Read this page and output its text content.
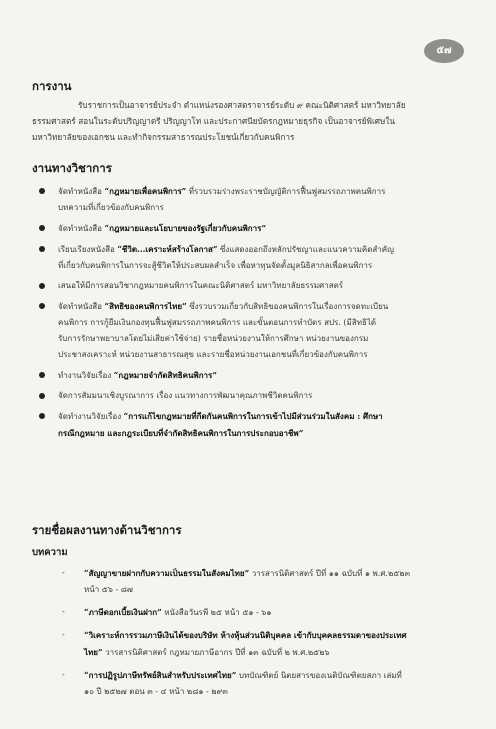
๕๗
การงาน
รับราชการเป็นอาจารย์ประจำ ตำแหน่งรองศาสตราจารย์ระดับ ๙ คณะนิติศาสตร์ มหาวิทยาลัย
ธรรมศาสตร์ สอนในระดับปริญญาตรี ปริญญาโท และประกาศนียบัตรกฎหมายธุรกิจ เป็นอาจารย์พิเศษใน
มหาวิทยาลัยของเอกชน และทำกิจกรรมสาธารณประโยชน์เกี่ยวกับคนพิการ
งานทางวิชาการ
จัดทำหนังสือ “กฎหมายเพื่อคนพิการ” ที่รวบรวมร่างพระราชบัญญัติการฟื้นฟูสมรรถภาพคนพิการ
บทความที่เกี่ยวข้องกับคนพิการ
จัดทำหนังสือ “กฎหมายและนโยบายของรัฐเกี่ยวกับคนพิการ”
เรียบเรียงหนังสือ “ชีวิต...เคราะห์สร้างโลกาส” ซึ่งแสดงออกถึงหลักปรัชญาและแนวความคิดสำคัญ
ที่เกี่ยวกับคนพิการในการจะสู้ชีวิตให้ประสบผลสำเร็จ เพื่อหาทุนจัดตั้งมูลนิธิสากลเพื่อคนพิการ
เสนอให้มีการสอนวิชากฎหมายคนพิการในคณะนิติศาสตร์ มหาวิทยาลัยธรรมศาสตร์
จัดทำหนังสือ “สิทธิของคนพิการไทย” ซึ่งรวบรวมเกี่ยวกับสิทธิของคนพิการในเรื่องการจดทะเบียน
คนพิการ การกู้ยืมเงินกองทุนฟื้นฟูสมรรถภาพคนพิการ และขั้นตอนการทำบัตร สปร. (มีสิทธิได้
รับการรักษาพยาบาลโดยไม่เสียค่าใช้จ่าย) รายชื่อหน่วยงานให้การศึกษา หน่วยงานของกรม
ประชาสงเคราะห์ หน่วยงานสาธารณสุข และรายชื่อหน่วยงานเอกชนที่เกี่ยวข้องกับคนพิการ
ทำงานวิจัยเรื่อง “กฎหมายจำกัดสิทธิคนพิการ”
จัดการสัมมนาเชิงบูรณาการ เรื่อง แนวทางการพัฒนาคุณภาพชีวิตคนพิการ
จัดทำงานวิจัยเรื่อง “การแก้ไขกฎหมายที่กีดกันคนพิการในการเข้าไปมีส่วนร่วมในสังคม : ศึกษา
กรณีกฎหมาย และกฎระเบียบที่จำกัดสิทธิคนพิการในการประกอบอาชีพ”
รายชื่อผลงานทางด้านวิชาการ
บทความ
- “สัญญาขายฝากกับความเป็นธรรมในสังคมไทย” วารสารนิติศาสตร์ ปีที่ ๑๑ ฉบับที่ ๑ พ.ศ.๒๕๒๓
หน้า ๕๖ - ๘๗
- “ภาษีดอกเบี้ยเงินฝาก” หนังสือวันรพี ๒๕ หน้า ๕๑ - ๖๑
- “วิเคราะห์การรวมภาษีเงินได้ของบริษัท ห้างหุ้นส่วนนิติบุคคล เข้ากับบุคคลธรรมดาของประเทศ
ไทย” วารสารนิติศาสตร์ กฎหมายภาษีอากร ปีที่ ๑๓ ฉบับที่ ๒ พ.ศ.๒๕๒๖
- “การปฏิรูปภาษีทรัพย์สินสำหรับประเทศไทย” บทบัณฑิตย์ นิตยสารของเนติบัณฑิตยสภา เล่มที่
๑๐ ปี ๒๕๒๗ ตอน ๓ - ๔ หน้า ๒๘๑ - ๒๙๓
